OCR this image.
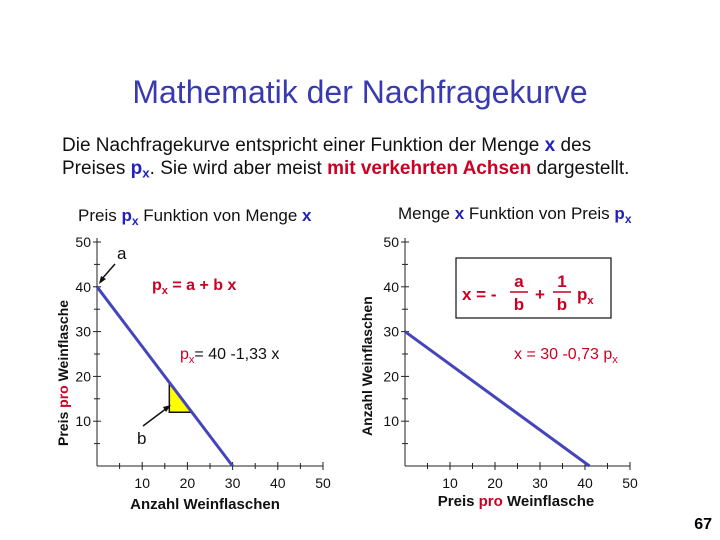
Mathematik der Nachfragekurve
Die Nachfragekurve entspricht einer Funktion der Menge x des
Preises $p_x$. Sie wird aber meist mit verkehrten Achsen dargestellt.
Preis $p_x$ Funktion von Menge x
Preis pro Weinflasche
10
20
30
40
50
10 20 30 40 50
Anzahl Weinflaschen
a
b
$p_x = a + b$ x
$p_x= 40$ -1,33 x
Menge x Funktion von Preis $p_x$
Anzahl Weinflaschen 10
20
30
40
50
10 20 30 40 50
Preis pro Weinflasche
x = -
a
b
+
1
b
$p_x$
x = 30 -0,73 $p_x$
67
